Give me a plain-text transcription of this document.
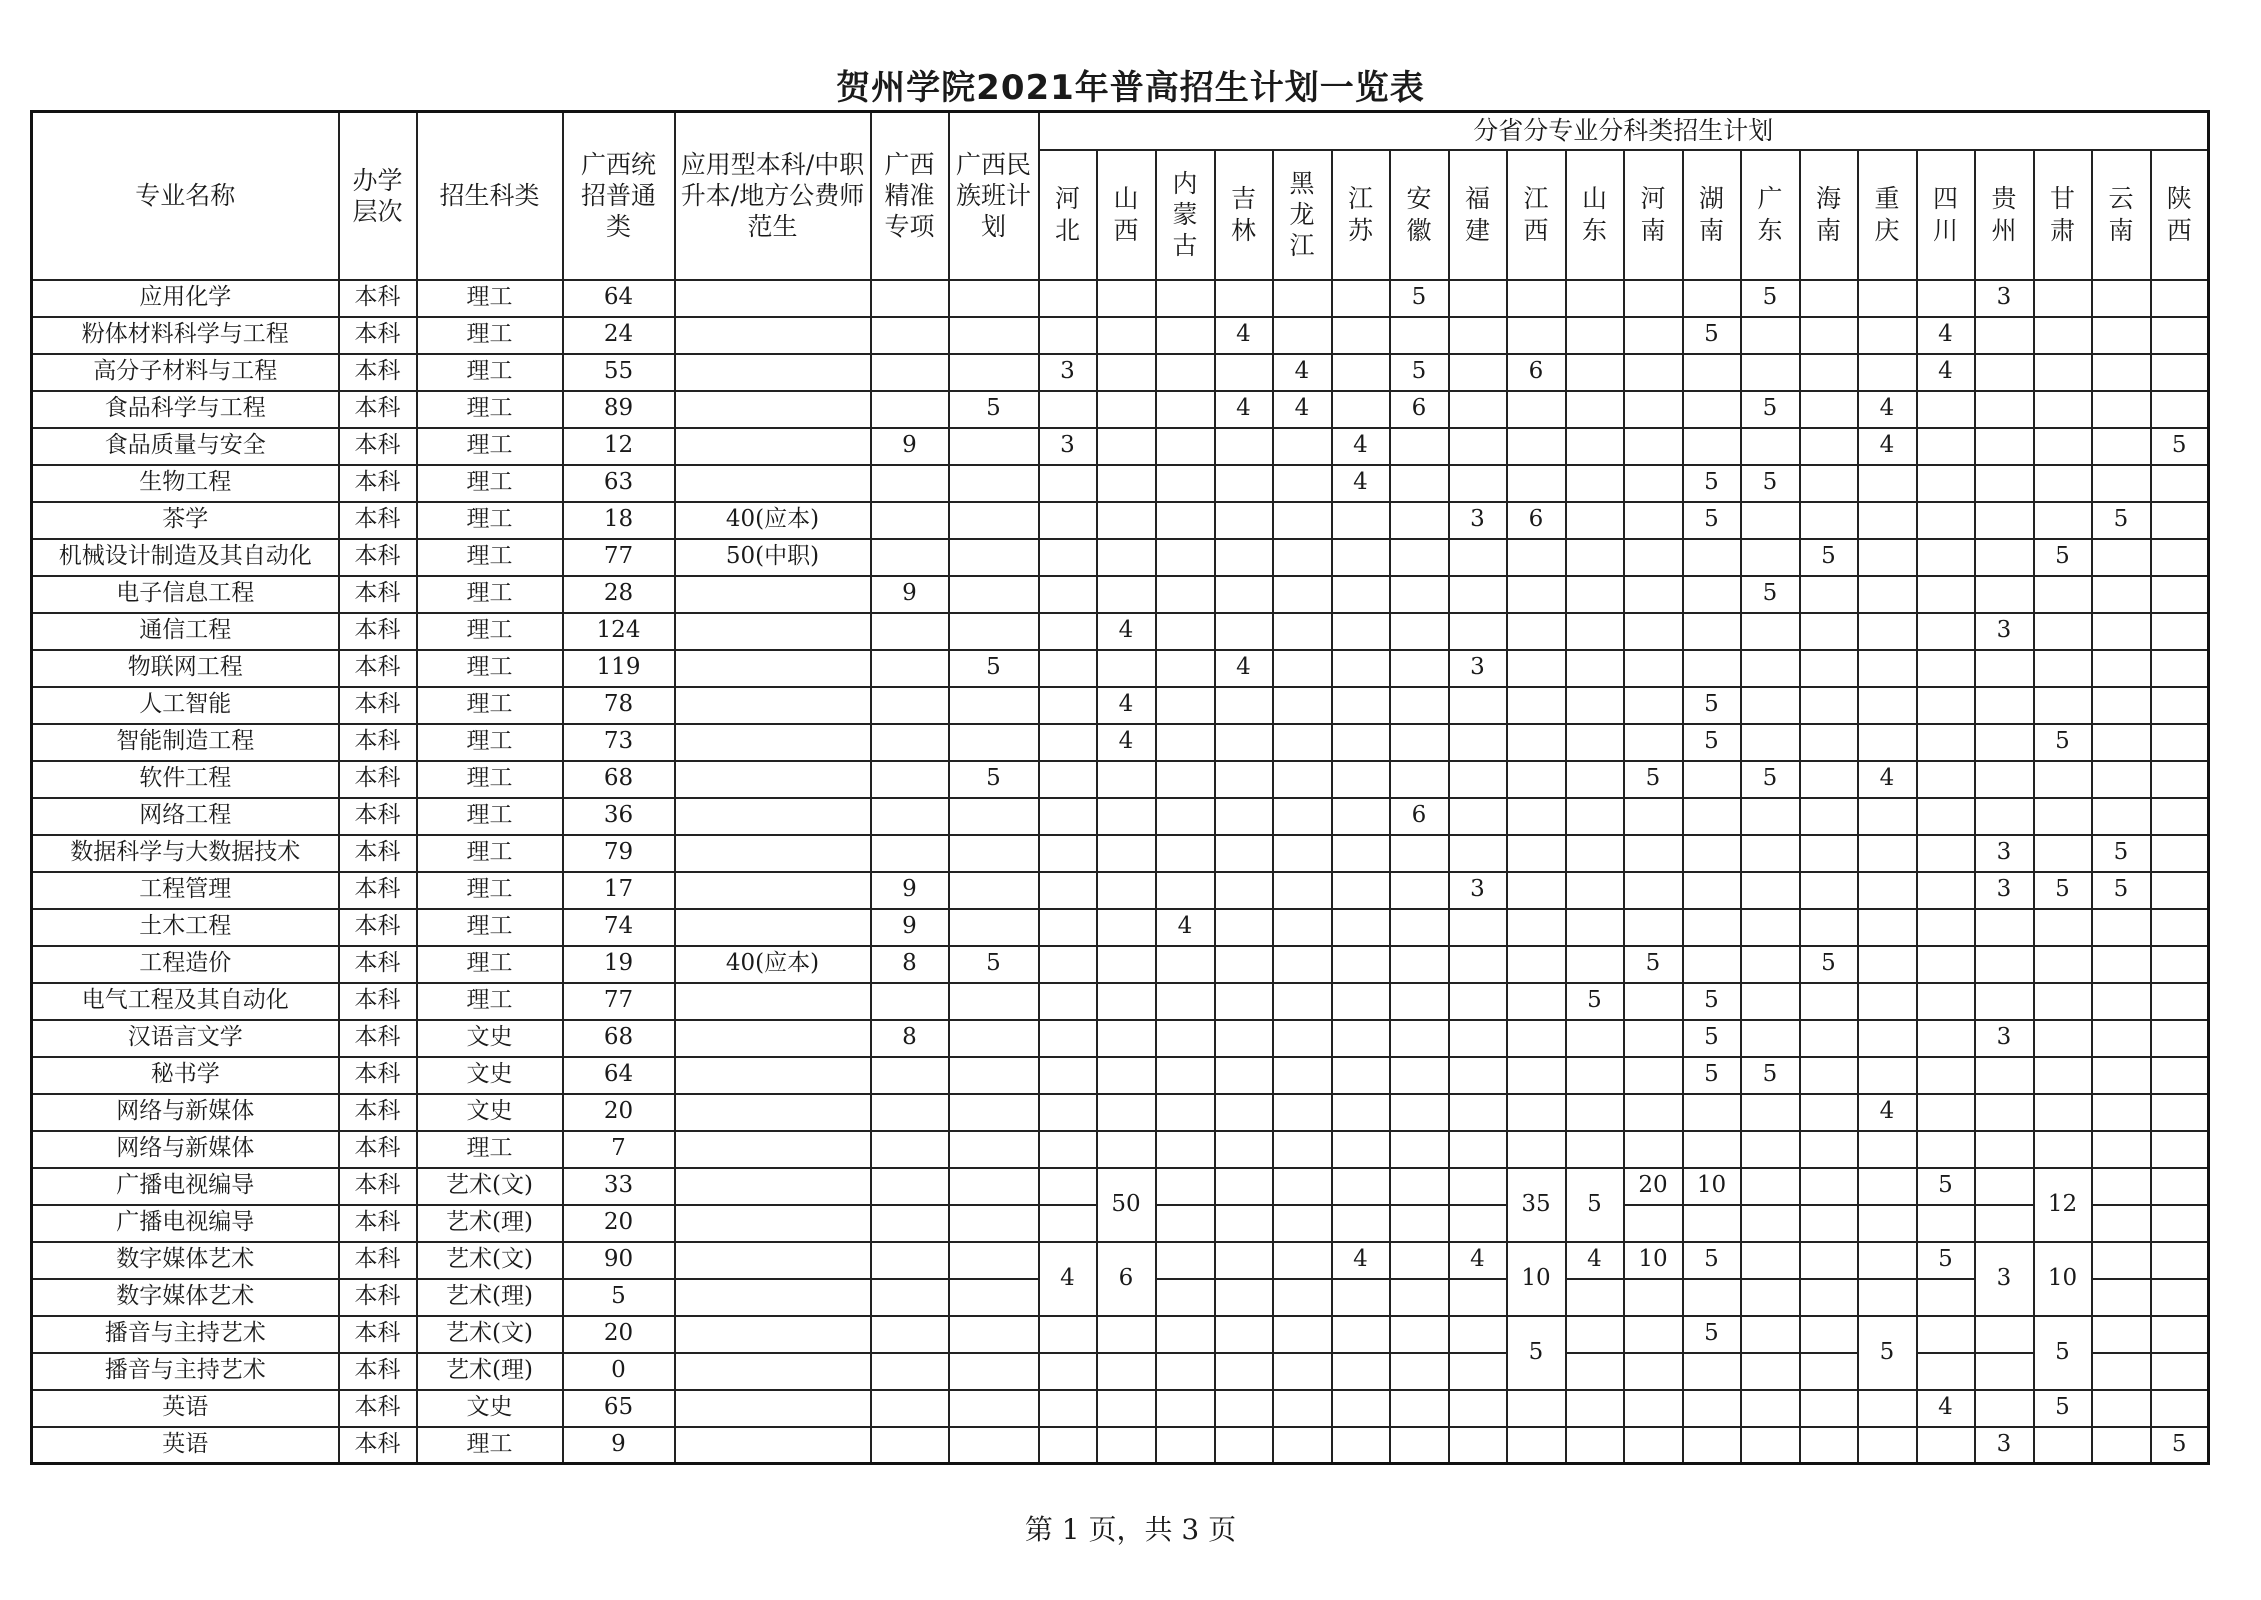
贺州学院2021年普高招生计划一览表
专业名称	办学层次	招生科类	广西统招普通类	应用型本科/中职升本/地方公费师范生	广西精准专项	广西民族班计划	分省分专业分科类招生计划																			
							河北	山西	内蒙古	吉林	黑龙江	江苏	安徽	福建	江西	山东	河南	湖南	广东	海南	重庆	四川	贵州	甘肃	云南	陕西
应用化学	本科	理工	64										5						5				3			
粉体材料科学与工程	本科	理工	24							4								5				4				
高分子材料与工程	本科	理工	55				3				4		5		6							4				
食品科学与工程	本科	理工	89			5				4	4		6						5		4					
食品质量与安全	本科	理工	12		9		3					4									4					5
生物工程	本科	理工	63									4						5	5							
茶学	本科	理工	18	40(应本)										3	6			5							5	
机械设计制造及其自动化	本科	理工	77	50(中职)																5				5		
电子信息工程	本科	理工	28		9														5							
通信工程	本科	理工	124					4															3			
物联网工程	本科	理工	119			5				4				3												
人工智能	本科	理工	78					4										5								
智能制造工程	本科	理工	73					4										5						5		
软件工程	本科	理工	68			5											5		5		4					
网络工程	本科	理工	36										6													
数据科学与大数据技术	本科	理工	79																				3		5	
工程管理	本科	理工	17		9									3									3	5	5	
土木工程	本科	理工	74		9				4																	
工程造价	本科	理工	19	40(应本)	8	5											5			5						
电气工程及其自动化	本科	理工	77													5		5								
汉语言文学	本科	文史	68		8													5					3			
秘书学	本科	文史	64															5	5							
网络与新媒体	本科	文史	20																		4					
网络与新媒体	本科	理工	7																							
广播电视编导	本科	艺术(文)	33					50							35	5	20	10				5		12		
广播电视编导	本科	艺术(理)	20																							
数字媒体艺术	本科	艺术(文)	90				4	6				4		4	10	4	10	5				5	3	10		
数字媒体艺术	本科	艺术(理)	5																							
播音与主持艺术	本科	艺术(文)	20												5			5			5			5		
播音与主持艺术	本科	艺术(理)	0																							
英语	本科	文史	65																			4		5		
英语	本科	理工	9																				3			5
第 1 页，共 3 页
